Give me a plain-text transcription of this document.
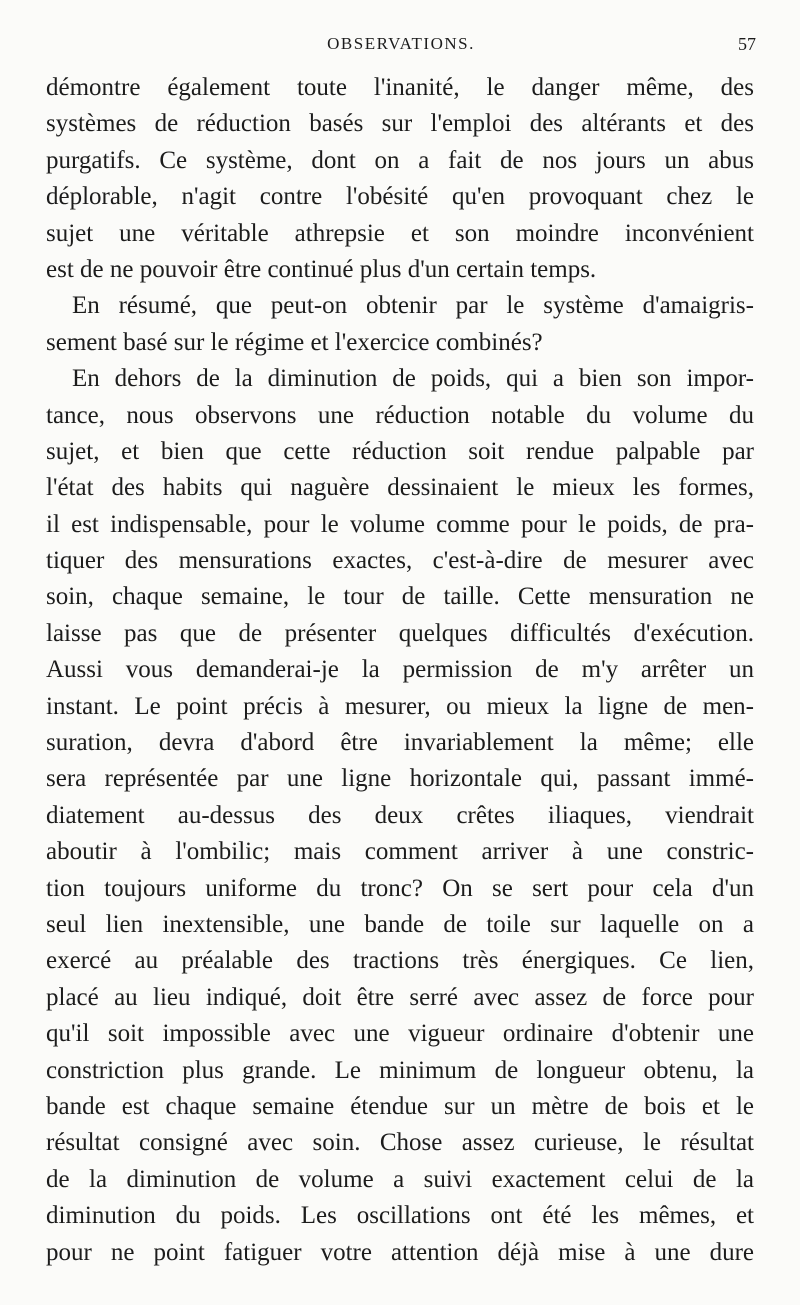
OBSERVATIONS.	57
démontre également toute l'inanité, le danger même, des
systèmes de réduction basés sur l'emploi des altérants et des
purgatifs. Ce système, dont on a fait de nos jours un abus
déplorable, n'agit contre l'obésité qu'en provoquant chez le
sujet une véritable athrepsie et son moindre inconvénient
est de ne pouvoir être continué plus d'un certain temps.
En résumé, que peut-on obtenir par le système d'amaigris-
sement basé sur le régime et l'exercice combinés?
En dehors de la diminution de poids, qui a bien son impor-
tance, nous observons une réduction notable du volume du
sujet, et bien que cette réduction soit rendue palpable par
l'état des habits qui naguère dessinaient le mieux les formes,
il est indispensable, pour le volume comme pour le poids, de pra-
tiquer des mensurations exactes, c'est-à-dire de mesurer avec
soin, chaque semaine, le tour de taille. Cette mensuration ne
laisse pas que de présenter quelques difficultés d'exécution.
Aussi vous demanderai-je la permission de m'y arrêter un
instant. Le point précis à mesurer, ou mieux la ligne de men-
suration, devra d'abord être invariablement la même; elle
sera représentée par une ligne horizontale qui, passant immé-
diatement au-dessus des deux crêtes iliaques, viendrait
aboutir à l'ombilic; mais comment arriver à une constric-
tion toujours uniforme du tronc? On se sert pour cela d'un
seul lien inextensible, une bande de toile sur laquelle on a
exercé au préalable des tractions très énergiques. Ce lien,
placé au lieu indiqué, doit être serré avec assez de force pour
qu'il soit impossible avec une vigueur ordinaire d'obtenir une
constriction plus grande. Le minimum de longueur obtenu, la
bande est chaque semaine étendue sur un mètre de bois et le
résultat consigné avec soin. Chose assez curieuse, le résultat
de la diminution de volume a suivi exactement celui de la
diminution du poids. Les oscillations ont été les mêmes, et
pour ne point fatiguer votre attention déjà mise à une dure
